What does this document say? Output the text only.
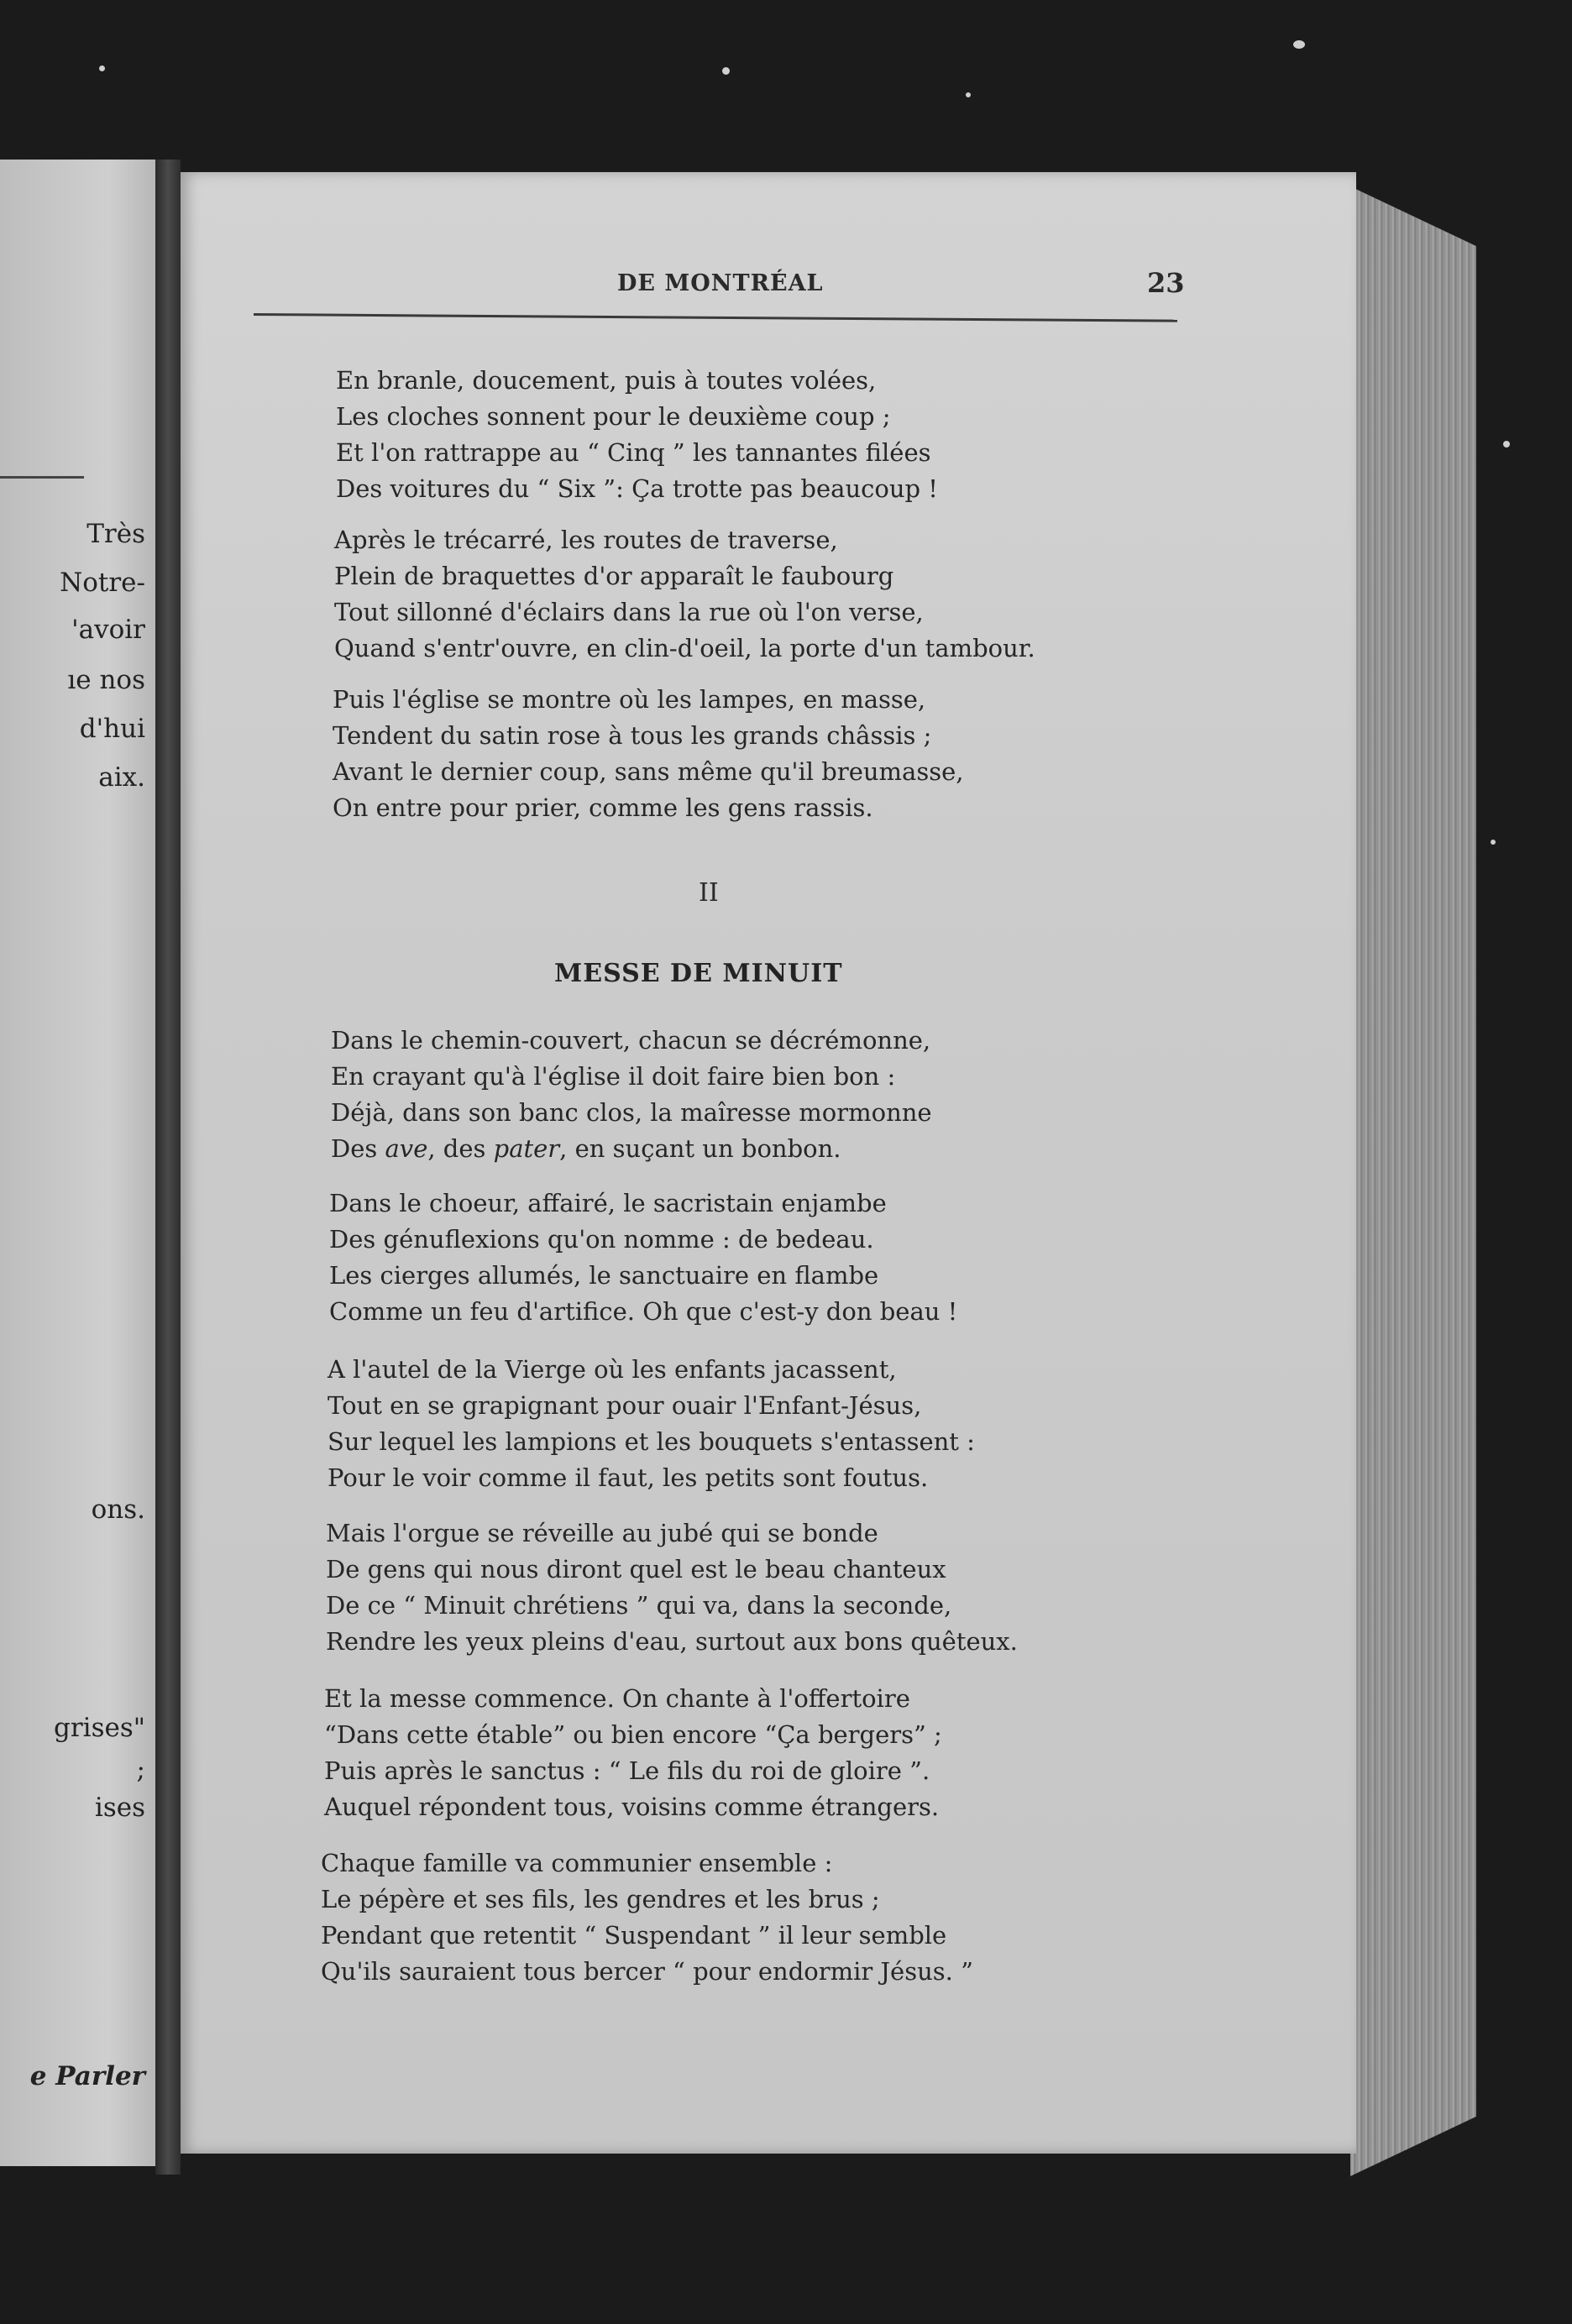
Très
Notre-
'avoir
ıe nos
d'hui
aix.
ons.
grises"
;
ises
e Parler
DE MONTRÉAL	23
En branle, doucement, puis à toutes volées,
Les cloches sonnent pour le deuxième coup ;
Et l'on rattrappe au “ Cinq ” les tannantes filées
Des voitures du “ Six ”: Ça trotte pas beaucoup !
Après le trécarré, les routes de traverse,
Plein de braquettes d'or apparaît le faubourg
Tout sillonné d'éclairs dans la rue où l'on verse,
Quand s'entr'ouvre, en clin-d'oeil, la porte d'un tambour.
Puis l'église se montre où les lampes, en masse,
Tendent du satin rose à tous les grands châssis ;
Avant le dernier coup, sans même qu'il breumasse,
On entre pour prier, comme les gens rassis.
II
MESSE DE MINUIT
Dans le chemin-couvert, chacun se décrémonne,
En crayant qu'à l'église il doit faire bien bon :
Déjà, dans son banc clos, la maîresse mormonne
Des ave, des pater, en suçant un bonbon.
Dans le choeur, affairé, le sacristain enjambe
Des génuflexions qu'on nomme : de bedeau.
Les cierges allumés, le sanctuaire en flambe
Comme un feu d'artifice. Oh que c'est-y don beau !
A l'autel de la Vierge où les enfants jacassent,
Tout en se grapignant pour ouair l'Enfant-Jésus,
Sur lequel les lampions et les bouquets s'entassent :
Pour le voir comme il faut, les petits sont foutus.
Mais l'orgue se réveille au jubé qui se bonde
De gens qui nous diront quel est le beau chanteux
De ce “ Minuit chrétiens ” qui va, dans la seconde,
Rendre les yeux pleins d'eau, surtout aux bons quêteux.
Et la messe commence. On chante à l'offertoire
“Dans cette étable” ou bien encore “Ça bergers” ;
Puis après le sanctus : “ Le fils du roi de gloire ”.
Auquel répondent tous, voisins comme étrangers.
Chaque famille va communier ensemble :
Le pépère et ses fils, les gendres et les brus ;
Pendant que retentit “ Suspendant ” il leur semble
Qu'ils sauraient tous bercer “ pour endormir Jésus. ”
